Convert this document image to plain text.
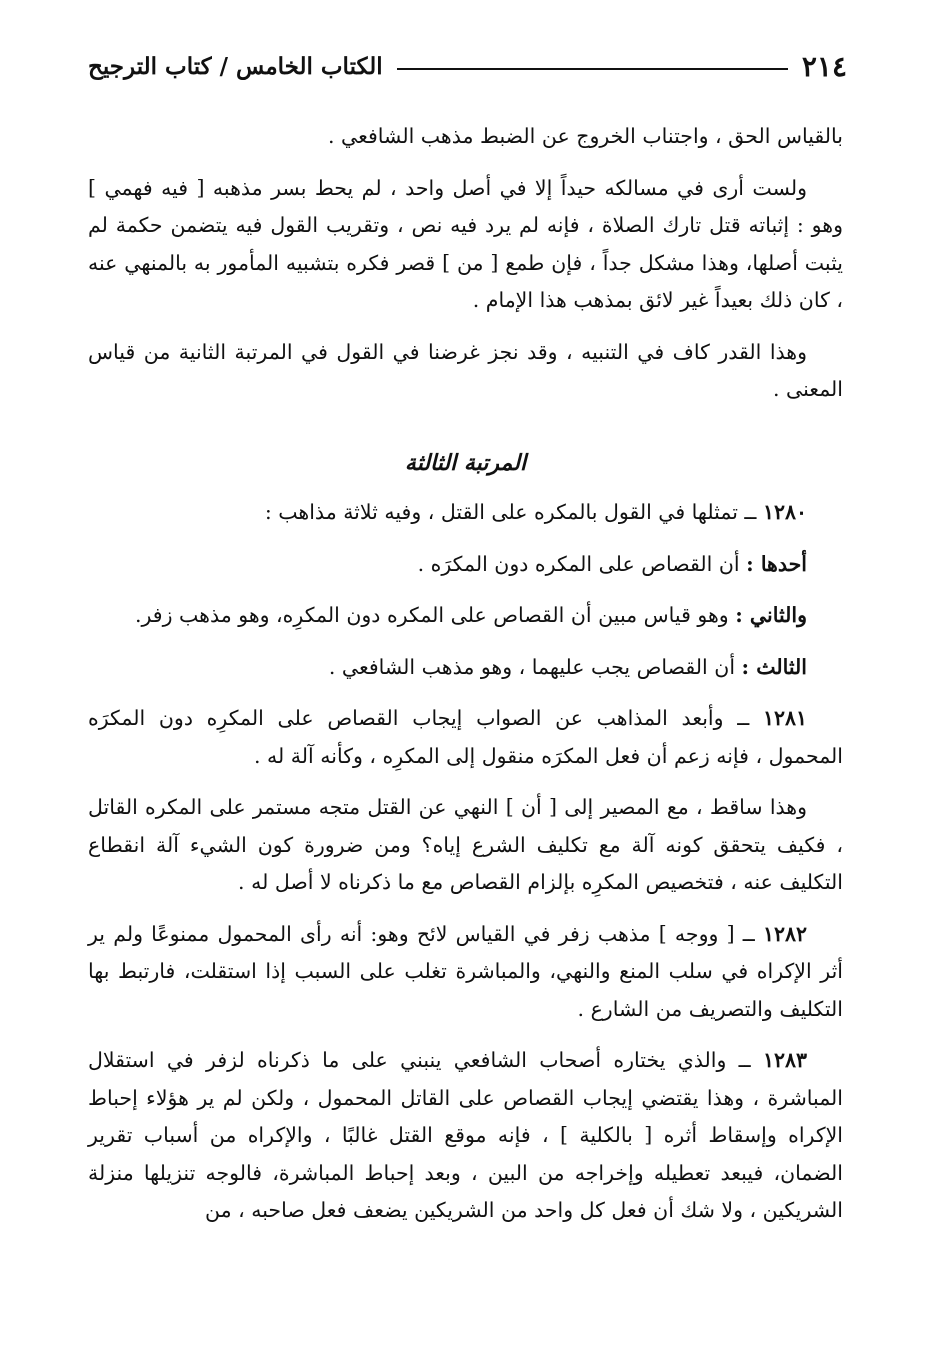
٢١٤
الكتاب الخامس / كتاب الترجيح

بالقياس الحق ، واجتناب الخروج عن الضبط مذهب الشافعي .

ولست أرى في مسالكه حيداً إلا في أصل واحد ، لم يحط بسر مذهبه [ فيه فهمي ] وهو : إثباته قتل تارك الصلاة ، فإنه لم يرد فيه نص ، وتقريب القول فيه يتضمن حكمة لم يثبت أصلها، وهذا مشكل جداً ، فإن طمع [ من ] قصر فكره بتشبيه المأمور به بالمنهي عنه ، كان ذلك بعيداً غير لائق بمذهب هذا الإمام .

وهذا القدر كاف في التنبيه ، وقد نجز غرضنا في القول في المرتبة الثانية من قياس المعنى .

المرتبة الثالثة

١٢٨٠ ــ تمثلها في القول بالمكره على القتل ، وفيه ثلاثة مذاهب :

أحدها : أن القصاص على المكره دون المكرَه .

والثاني : وهو قياس مبين أن القصاص على المكره دون المكرِه، وهو مذهب زفر.

الثالث : أن القصاص يجب عليهما ، وهو مذهب الشافعي .

١٢٨١ ــ وأبعد المذاهب عن الصواب إيجاب القصاص على المكرِه دون المكرَه المحمول ، فإنه زعم أن فعل المكرَه منقول إلى المكرِه ، وكأنه آلة له .

وهذا ساقط ، مع المصير إلى [ أن ] النهي عن القتل متجه مستمر على المكره القاتل ، فكيف يتحقق كونه آلة مع تكليف الشرع إياه؟ ومن ضرورة كون الشيء آلة انقطاع التكليف عنه ، فتخصيص المكرِه بإلزام القصاص مع ما ذكرناه لا أصل له .

١٢٨٢ ــ [ ووجه ] مذهب زفر في القياس لائح وهو: أنه رأى المحمول ممنوعًا ولم ير أثر الإكراه في سلب المنع والنهي، والمباشرة تغلب على السبب إذا استقلت، فارتبط بها التكليف والتصريف من الشارع .

١٢٨٣ ــ والذي يختاره أصحاب الشافعي ينبني على ما ذكرناه لزفر في استقلال المباشرة ، وهذا يقتضي إيجاب القصاص على القاتل المحمول ، ولكن لم ير هؤلاء إحباط الإكراه وإسقاط أثره [ بالكلية ] ، فإنه موقع القتل غالبًا ، والإكراه من أسباب تقرير الضمان، فيبعد تعطيله وإخراجه من البين ، وبعد إحباط المباشرة، فالوجه تنزيلها منزلة الشريكين ، ولا شك أن فعل كل واحد من الشريكين يضعف فعل صاحبه ، من
